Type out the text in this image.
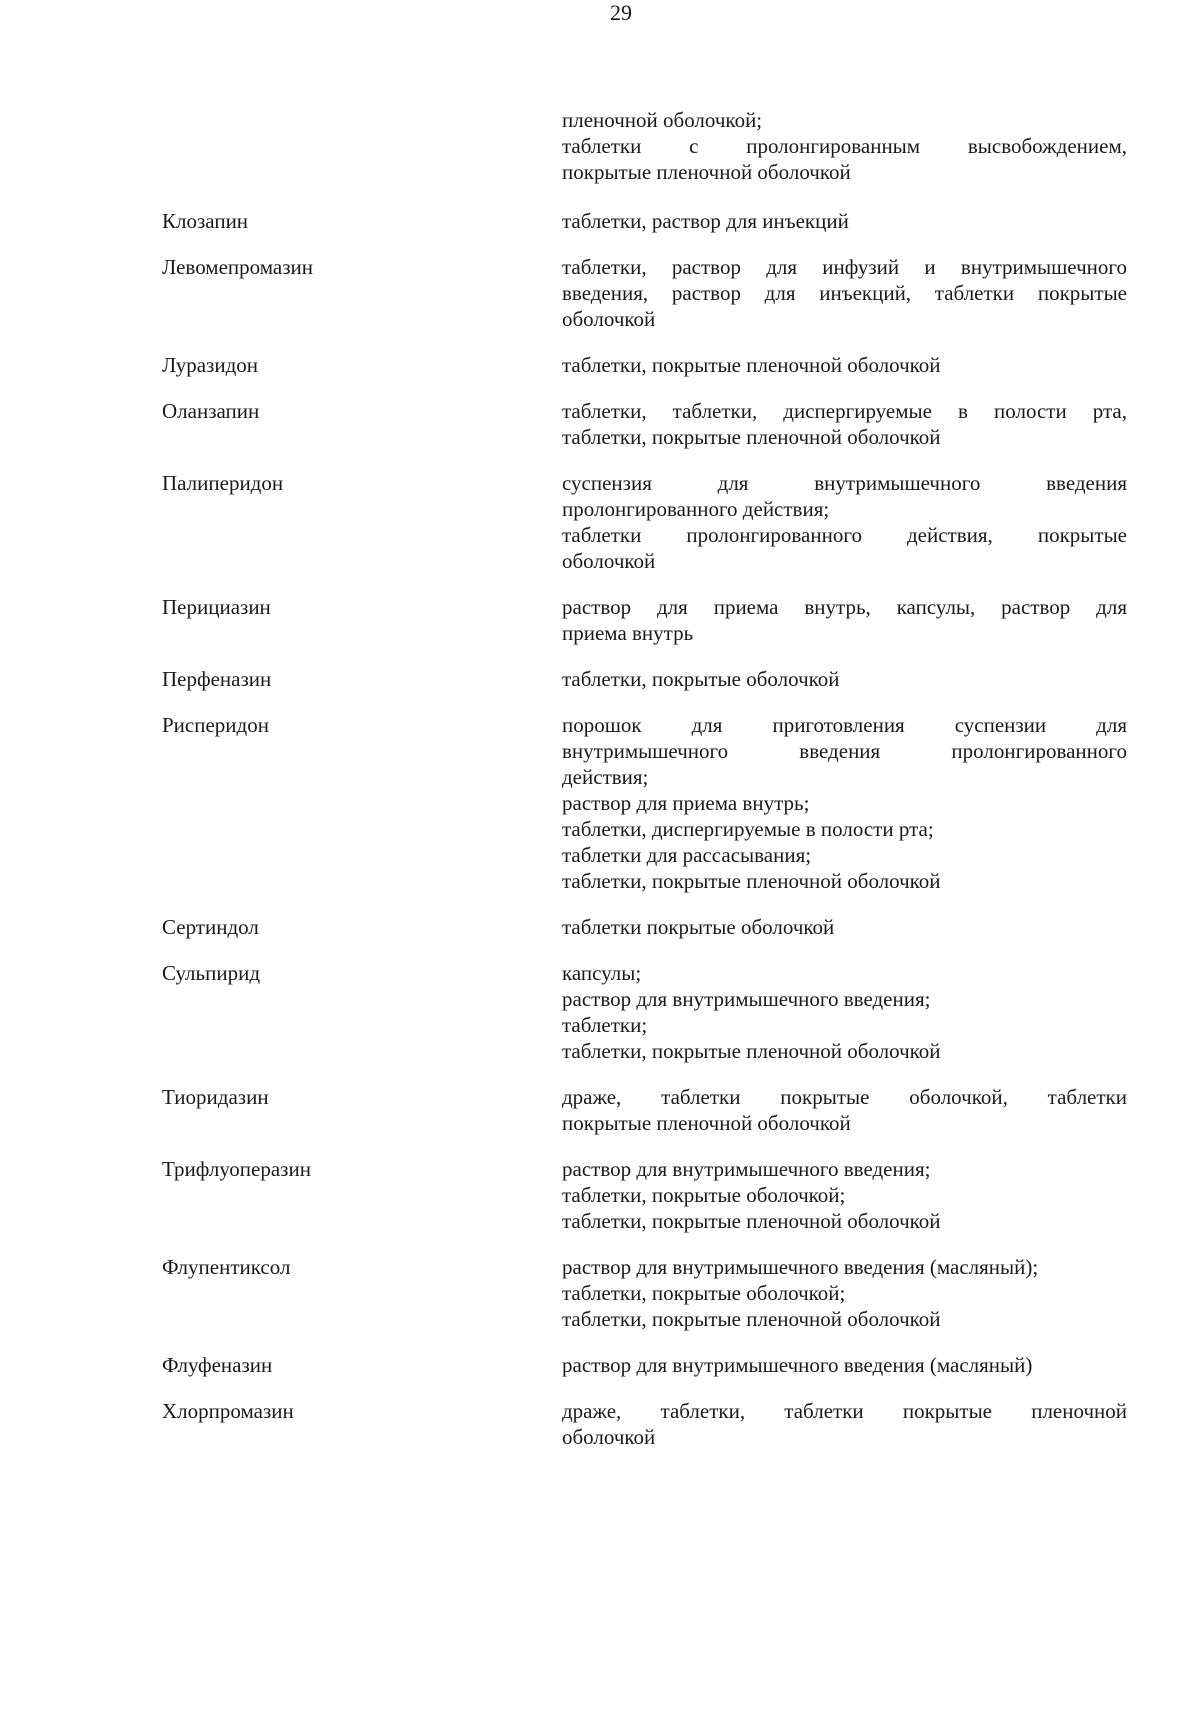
29
пленочной оболочкой;
таблетки с пролонгированным высвобождением,
покрытые пленочной оболочкой
Клозапин	таблетки, раствор для инъекций
Левомепромазин	таблетки, раствор для инфузий и внутримышечного
введения, раствор для инъекций, таблетки покрытые
оболочкой
Луразидон	таблетки, покрытые пленочной оболочкой
Оланзапин	таблетки, таблетки, диспергируемые в полости рта,
таблетки, покрытые пленочной оболочкой
Палиперидон	суспензия для внутримышечного введения
пролонгированного действия;
таблетки пролонгированного действия, покрытые
оболочкой
Перициазин	раствор для приема внутрь, капсулы, раствор для
приема внутрь
Перфеназин	таблетки, покрытые оболочкой
Рисперидон	порошок для приготовления суспензии для
внутримышечного введения пролонгированного
действия;
раствор для приема внутрь;
таблетки, диспергируемые в полости рта;
таблетки для рассасывания;
таблетки, покрытые пленочной оболочкой
Сертиндол	таблетки покрытые оболочкой
Сульпирид	капсулы;
раствор для внутримышечного введения;
таблетки;
таблетки, покрытые пленочной оболочкой
Тиоридазин	драже, таблетки покрытые оболочкой, таблетки
покрытые пленочной оболочкой
Трифлуоперазин	раствор для внутримышечного введения;
таблетки, покрытые оболочкой;
таблетки, покрытые пленочной оболочкой
Флупентиксол	раствор для внутримышечного введения (масляный);
таблетки, покрытые оболочкой;
таблетки, покрытые пленочной оболочкой
Флуфеназин	раствор для внутримышечного введения (масляный)
Хлорпромазин	драже, таблетки, таблетки покрытые пленочной
оболочкой
